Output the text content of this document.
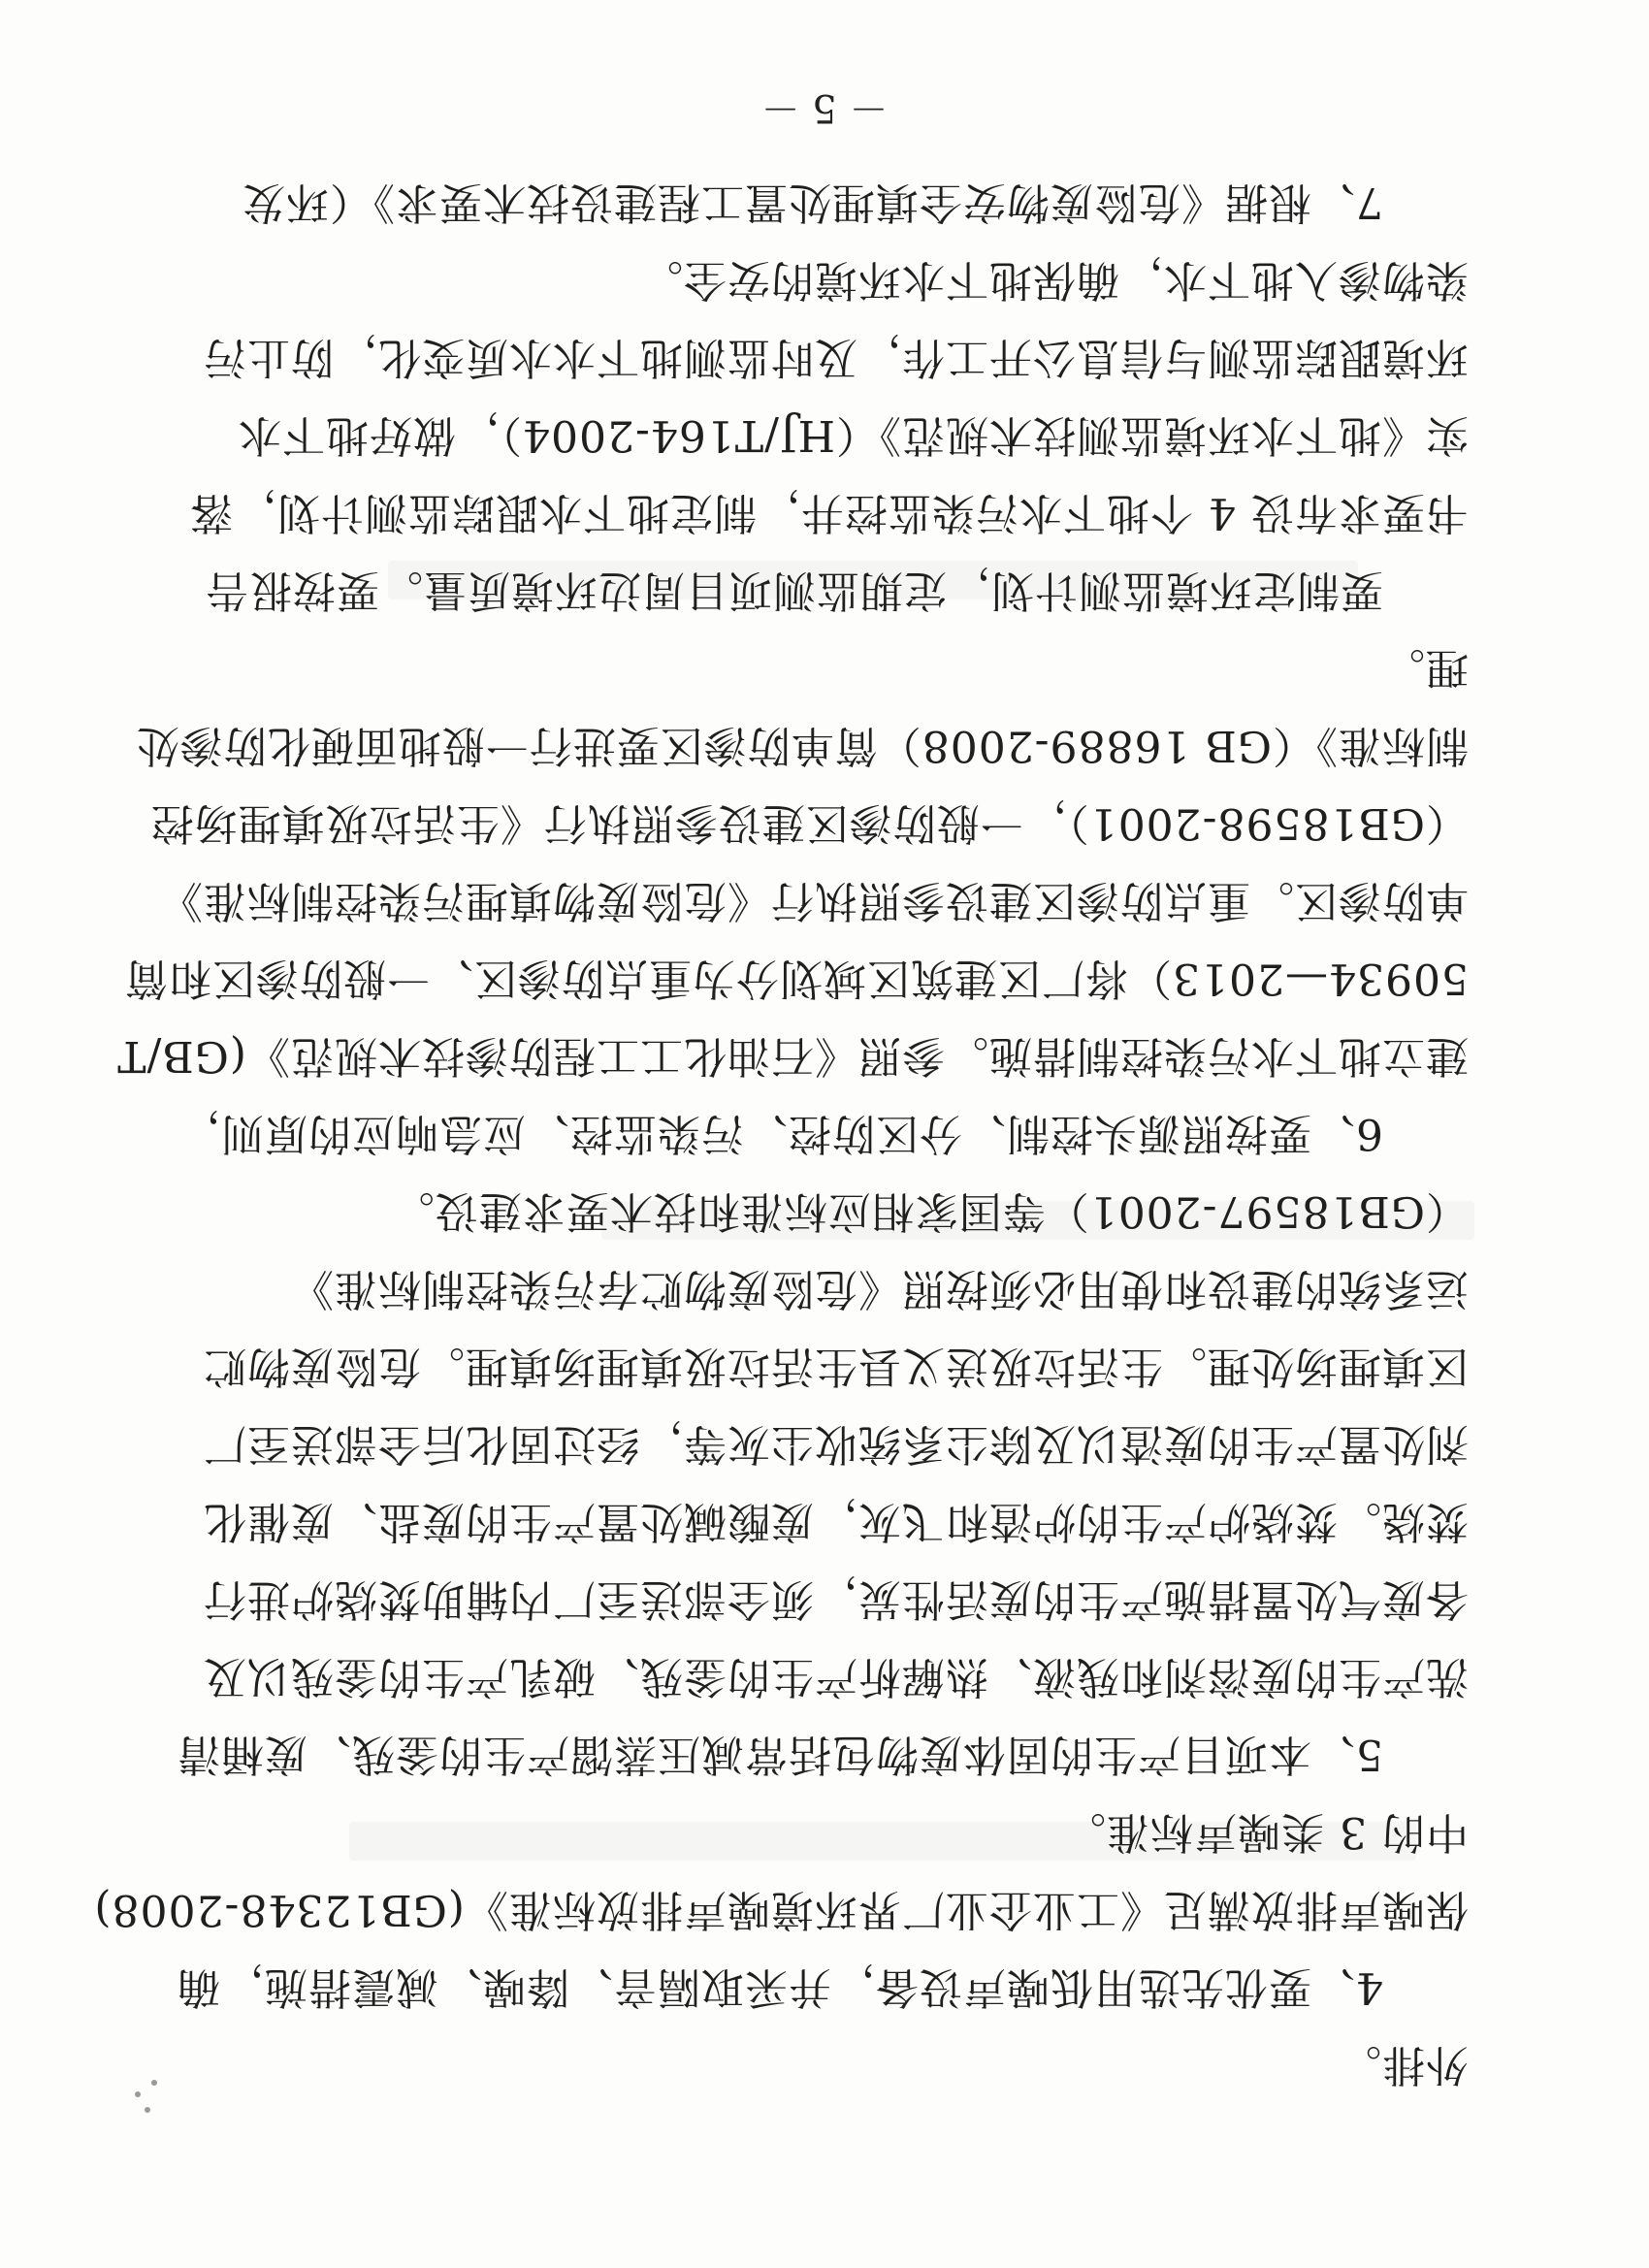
外排。
4、要优先选用低噪声设备，并采取隔音、降噪、减震措施，确
保噪声排放满足《工业企业厂界环境噪声排放标准》(GB12348-2008)
中的 3 类噪声标准。
5、本项目产生的固体废物包括常减压蒸馏产生的釜残、废桶清
洗产生的废溶剂和残液、热解析产生的釜残、破乳产生的釜残以及
各废气处置措施产生的废活性炭，须全部送至厂内辅助焚烧炉进行
焚烧。焚烧炉产生的炉渣和飞灰，废酸碱处置产生的废盐、废催化
剂处置产生的废渣以及除尘系统收尘灰等，经过固化后全部送至厂
区填埋场处理。生活垃圾送义县生活垃圾填埋场填埋。危险废物贮
运系统的建设和使用必须按照《危险废物贮存污染控制标准》
（GB18597-2001）等国家相应标准和技术要求建设。
6、要按照源头控制、分区防控、污染监控、应急响应的原则，
建立地下水污染控制措施。参照《石油化工工程防渗技术规范》(GB/T
50934—2013）将厂区建筑区域划分为重点防渗区、一般防渗区和简
单防渗区。重点防渗区建设参照执行《危险废物填埋污染控制标准》
（GB18598-2001），一般防渗区建设参照执行《生活垃圾填埋场控
制标准》（GB 16889-2008）简单防渗区要进行一般地面硬化防渗处
理。
要制定环境监测计划，定期监测项目周边环境质量。要按报告
书要求布设 4 个地下水污染监控井，制定地下水跟踪监测计划，落
实《地下水环境监测技术规范》（HJ/T164-2004），做好地下水
环境跟踪监测与信息公开工作，及时监测地下水水质变化，防止污
染物渗入地下水，确保地下水环境的安全。
7、根据《危险废物安全填埋处置工程建设技术要求》（环发
－ 5 －
